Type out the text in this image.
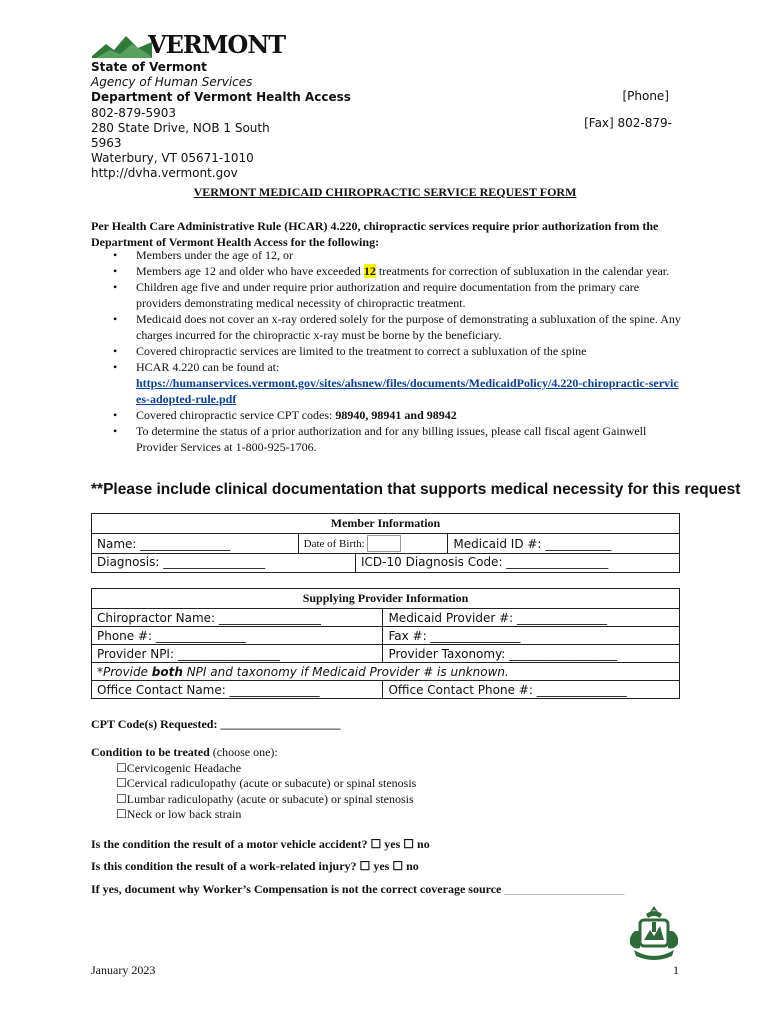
VERMONT
State of Vermont
Agency of Human Services
Department of Vermont Health Access
802-879-5903
280 State Drive, NOB 1 South
5963
Waterbury, VT 05671-1010
http://dvha.vermont.gov
[Phone]
[Fax] 802-879-
VERMONT MEDICAID CHIROPRACTIC SERVICE REQUEST FORM
Per Health Care Administrative Rule (HCAR) 4.220, chiropractic services require prior authorization from the Department of Vermont Health Access for the following:
• Members under the age of 12, or
• Members age 12 and older who have exceeded 12 treatments for correction of subluxation in the calendar year.
• Children age five and under require prior authorization and require documentation from the primary care providers demonstrating medical necessity of chiropractic treatment.
• Medicaid does not cover an x-ray ordered solely for the purpose of demonstrating a subluxation of the spine. Any charges incurred for the chiropractic x-ray must be borne by the beneficiary.
• Covered chiropractic services are limited to the treatment to correct a subluxation of the spine
• HCAR 4.220 can be found at:
https://humanservices.vermont.gov/sites/ahsnew/files/documents/MedicaidPolicy/4.220-chiropractic-services-adopted-rule.pdf
• Covered chiropractic service CPT codes: 98940, 98941 and 98942
• To determine the status of a prior authorization and for any billing issues, please call fiscal agent Gainwell Provider Services at 1-800-925-1706.
**Please include clinical documentation that supports medical necessity for this request
Member Information
Name: _______________	Date of Birth:	Medicaid ID #: ___________

Diagnosis: _________________	ICD-10 Diagnosis Code: _________________
Supplying Provider Information	
Chiropractor Name: _________________	Medicaid Provider #: _______________
Phone #: _______________	Fax #: _______________
Provider NPI: _________________	Provider Taxonomy: __________________
*Provide both NPI and taxonomy if Medicaid Provider # is unknown.	
Office Contact Name: _______________	Office Contact Phone #: _______________
CPT Code(s) Requested: ____________________
Condition to be treated (choose one):
☐Cervicogenic Headache
☐Cervical radiculopathy (acute or subacute) or spinal stenosis
☐Lumbar radiculopathy (acute or subacute) or spinal stenosis
☐Neck or low back strain
Is the condition the result of a motor vehicle accident? ☐ yes ☐ no
Is this condition the result of a work-related injury? ☐ yes ☐ no
If yes, document why Worker’s Compensation is not the correct coverage source ____________________
January 2023	1
